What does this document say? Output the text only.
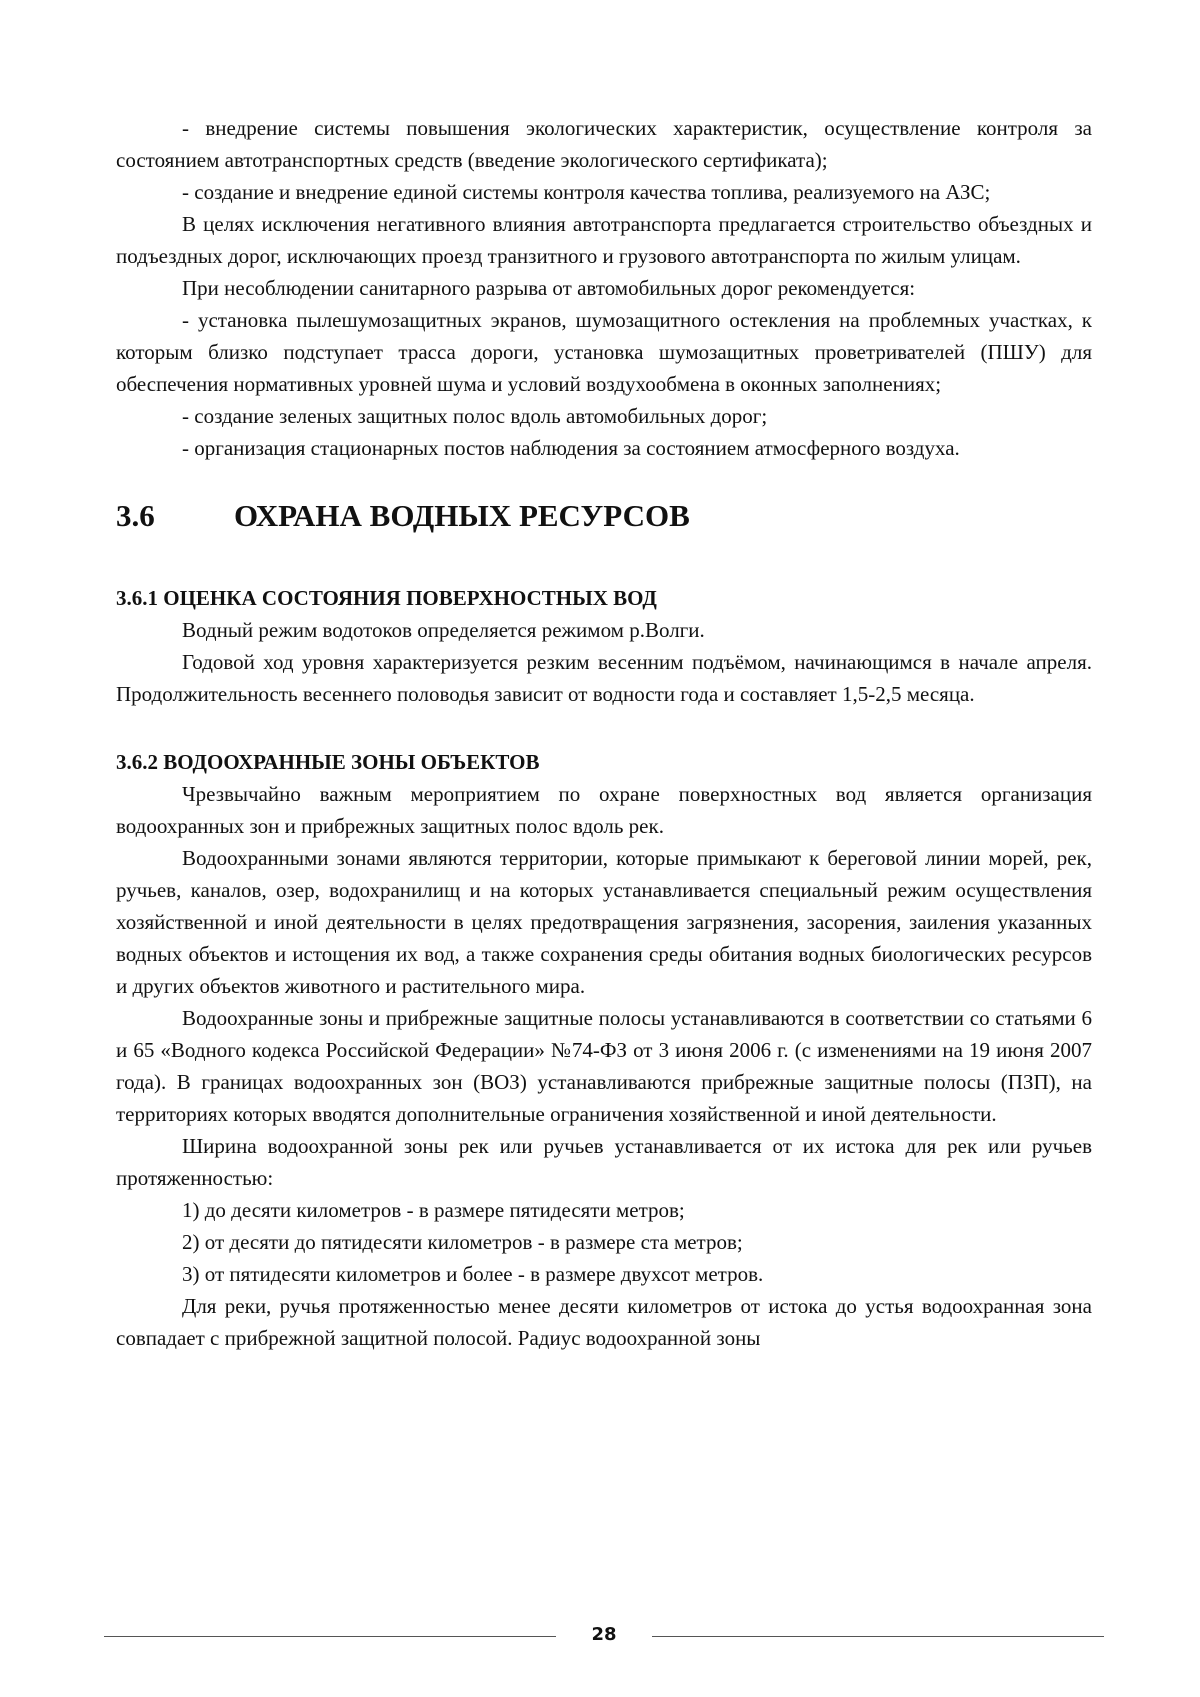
- внедрение системы повышения экологических характеристик, осуществление контроля за состоянием автотранспортных средств (введение экологического сертификата);

- создание и внедрение единой системы контроля качества топлива, реализуемого на АЗС;

В целях исключения негативного влияния автотранспорта предлагается строительство объездных и подъездных дорог, исключающих проезд транзитного и грузового автотранспорта по жилым улицам.

При несоблюдении санитарного разрыва от автомобильных дорог рекомендуется:

- установка пылешумозащитных экранов, шумозащитного остекления на проблемных участках, к которым близко подступает трасса дороги, установка шумозащитных проветривателей (ПШУ) для обеспечения нормативных уровней шума и условий воздухообмена в оконных заполнениях;

- создание зеленых защитных полос вдоль автомобильных дорог;

- организация стационарных постов наблюдения за состоянием атмосферного воздуха.

3.6	ОХРАНА ВОДНЫХ РЕСУРСОВ
3.6.1 ОЦЕНКА СОСТОЯНИЯ ПОВЕРХНОСТНЫХ ВОД

Водный режим водотоков определяется режимом р.Волги.

Годовой ход уровня характеризуется резким весенним подъёмом, начинающимся в начале апреля. Продолжительность весеннего половодья зависит от водности года и составляет 1,5-2,5 месяца.

3.6.2 ВОДООХРАННЫЕ ЗОНЫ ОБЪЕКТОВ

Чрезвычайно важным мероприятием по охране поверхностных вод является организация водоохранных зон и прибрежных защитных полос вдоль рек.

Водоохранными зонами являются территории, которые примыкают к береговой линии морей, рек, ручьев, каналов, озер, водохранилищ и на которых устанавливается специальный режим осуществления хозяйственной и иной деятельности в целях предотвращения загрязнения, засорения, заиления указанных водных объектов и истощения их вод, а также сохранения среды обитания водных биологических ресурсов и других объектов животного и растительного мира.

Водоохранные зоны и прибрежные защитные полосы устанавливаются в соответствии со статьями 6 и 65 «Водного кодекса Российской Федерации» №74-ФЗ от 3 июня 2006 г. (с изменениями на 19 июня 2007 года). В границах водоохранных зон (ВОЗ) устанавливаются прибрежные защитные полосы (ПЗП), на территориях которых вводятся дополнительные ограничения хозяйственной и иной деятельности.

Ширина водоохранной зоны рек или ручьев устанавливается от их истока для рек или ручьев протяженностью:

1) до десяти километров - в размере пятидесяти метров;

2) от десяти до пятидесяти километров - в размере ста метров;

3) от пятидесяти километров и более - в размере двухсот метров.

Для реки, ручья протяженностью менее десяти километров от истока до устья водоохранная зона совпадает с прибрежной защитной полосой. Радиус водоохранной зоны

28
